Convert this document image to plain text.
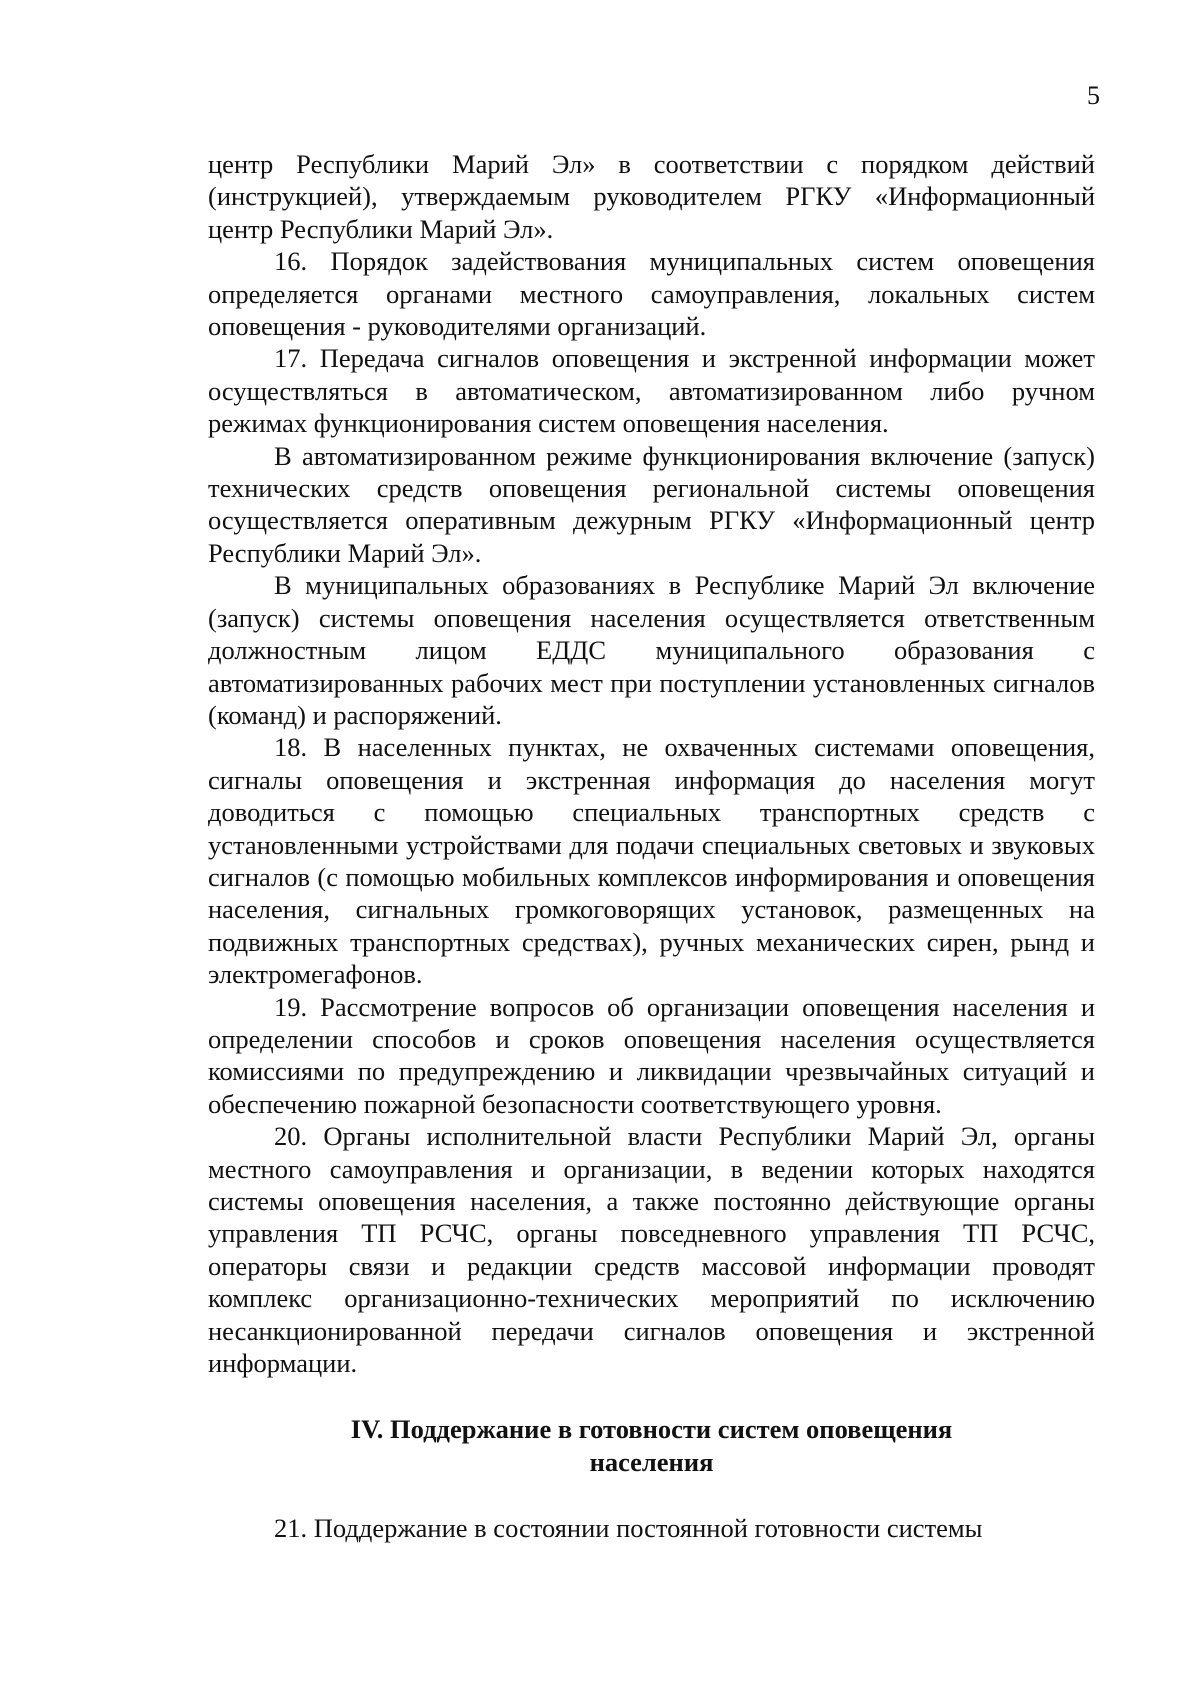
5

центр Республики Марий Эл» в соответствии с порядком действий (инструкцией), утверждаемым руководителем РГКУ «Информационный центр Республики Марий Эл».

16. Порядок задействования муниципальных систем оповещения определяется органами местного самоуправления, локальных систем оповещения - руководителями организаций.

17. Передача сигналов оповещения и экстренной информации может осуществляться в автоматическом, автоматизированном либо ручном режимах функционирования систем оповещения населения.

В автоматизированном режиме функционирования включение (запуск) технических средств оповещения региональной системы оповещения осуществляется оперативным дежурным РГКУ «Информационный центр Республики Марий Эл».

В муниципальных образованиях в Республике Марий Эл включение (запуск) системы оповещения населения осуществляется ответственным должностным лицом ЕДДС муниципального образования с автоматизированных рабочих мест при поступлении установленных сигналов (команд) и распоряжений.

18. В населенных пунктах, не охваченных системами оповещения, сигналы оповещения и экстренная информация до населения могут доводиться с помощью специальных транспортных средств с установленными устройствами для подачи специальных световых и звуковых сигналов (с помощью мобильных комплексов информирования и оповещения населения, сигнальных громкоговорящих установок, размещенных на подвижных транспортных средствах), ручных механических сирен, рынд и электромегафонов.

19. Рассмотрение вопросов об организации оповещения населения и определении способов и сроков оповещения населения осуществляется комиссиями по предупреждению и ликвидации чрезвычайных ситуаций и обеспечению пожарной безопасности соответствующего уровня.

20. Органы исполнительной власти Республики Марий Эл, органы местного самоуправления и организации, в ведении которых находятся системы оповещения населения, а также постоянно действующие органы управления ТП РСЧС, органы повседневного управления ТП РСЧС, операторы связи и редакции средств массовой информации проводят комплекс организационно-технических мероприятий по исключению несанкционированной передачи сигналов оповещения и экстренной информации.

IV. Поддержание в готовности систем оповещения населения

21. Поддержание в состоянии постоянной готовности системы
